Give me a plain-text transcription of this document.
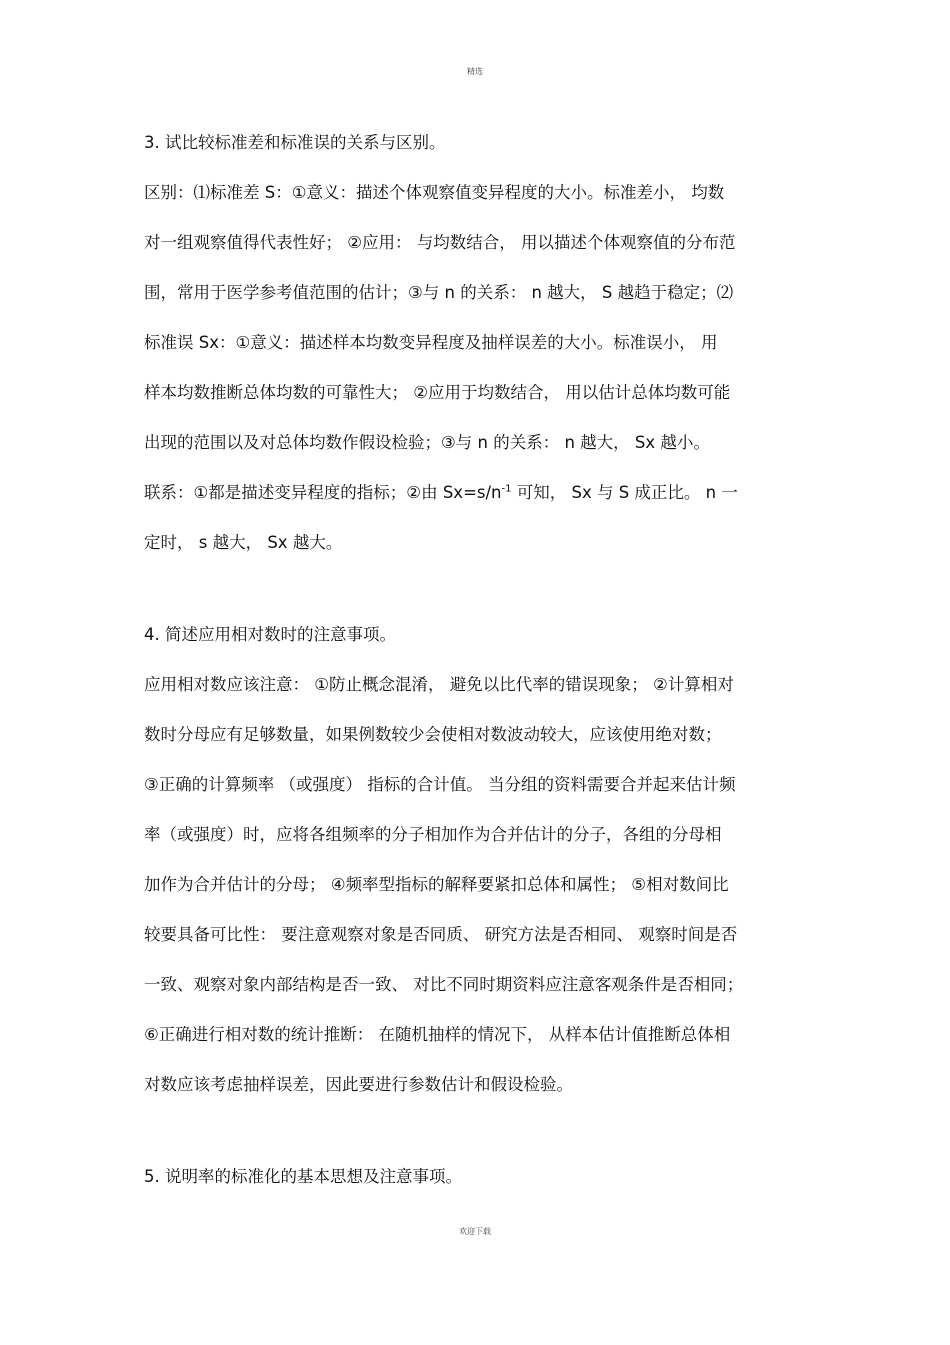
精选
3. 试比较标准差和标准误的关系与区别。
区别：⑴标准差 S：①意义：描述个体观察值变异程度的大小。标准差小， 均数
对一组观察值得代表性好； ②应用： 与均数结合， 用以描述个体观察值的分布范
围，常用于医学参考值范围的估计；③与 n 的关系： n 越大， S 越趋于稳定；⑵
标准误 Sx：①意义：描述样本均数变异程度及抽样误差的大小。标准误小， 用
样本均数推断总体均数的可靠性大； ②应用于均数结合， 用以估计总体均数可能
出现的范围以及对总体均数作假设检验；③与 n 的关系： n 越大， Sx 越小。
联系：①都是描述变异程度的指标；②由 $Sx=s/n^{-1}$ 可知， Sx 与 S 成正比。 n 一
定时， s 越大， Sx 越大。
4. 简述应用相对数时的注意事项。
应用相对数应该注意： ①防止概念混淆， 避免以比代率的错误现象； ②计算相对
数时分母应有足够数量，如果例数较少会使相对数波动较大，应该使用绝对数；
③正确的计算频率 （或强度） 指标的合计值。 当分组的资料需要合并起来估计频
率（或强度）时，应将各组频率的分子相加作为合并估计的分子，各组的分母相
加作为合并估计的分母； ④频率型指标的解释要紧扣总体和属性； ⑤相对数间比
较要具备可比性： 要注意观察对象是否同质、 研究方法是否相同、 观察时间是否
一致、观察对象内部结构是否一致、 对比不同时期资料应注意客观条件是否相同；
⑥正确进行相对数的统计推断： 在随机抽样的情况下， 从样本估计值推断总体相
对数应该考虑抽样误差，因此要进行参数估计和假设检验。
5. 说明率的标准化的基本思想及注意事项。
欢迎下载
